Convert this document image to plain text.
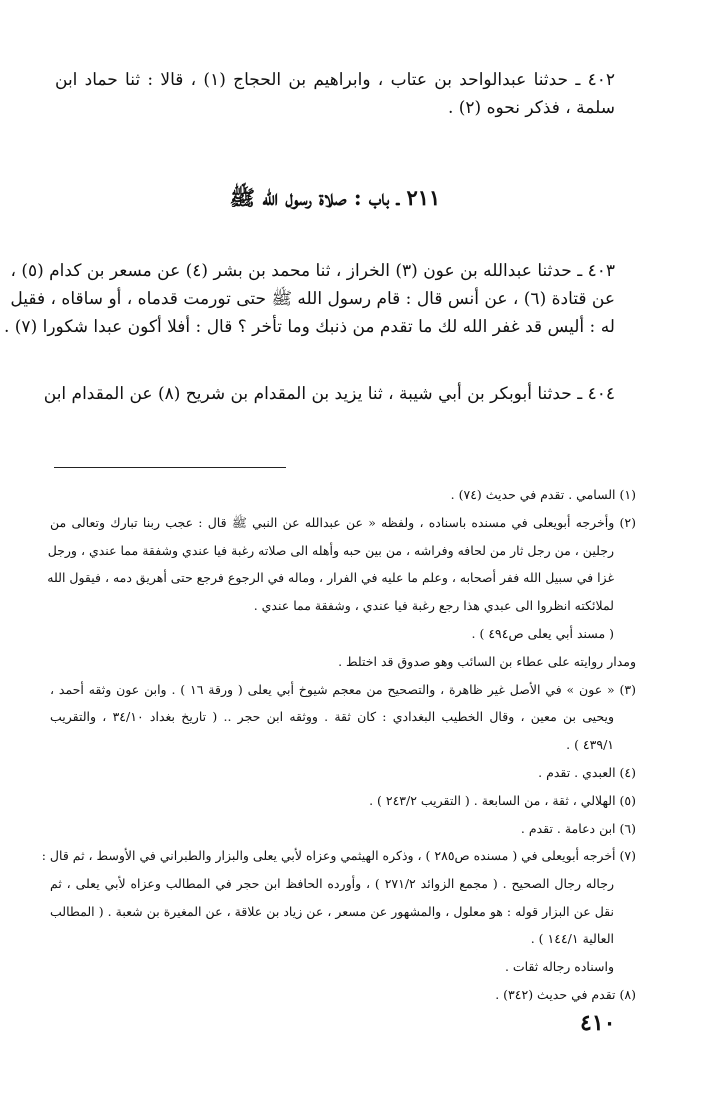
٤٠٢ ـ حدثنا عبدالواحد بن عتاب ، وابراهيم بن الحجاج (١) ، قالا : ثنا حماد ابن
سلمة ، فذكر نحوه (٢) .
٢١١ ـ باب : صلاة رسول الله ﷺ
٤٠٣ ـ حدثنا عبدالله بن عون (٣) الخراز ، ثنا محمد بن بشر (٤) عن مسعر بن كدام (٥) ،
عن قتادة (٦) ، عن أنس قال : قام رسول الله ﷺ حتى تورمت قدماه ، أو ساقاه ، فقيل
له : أليس قد غفر الله لك ما تقدم من ذنبك وما تأخر ؟ قال : أفلا أكون عبدا شكورا (٧) .
٤٠٤ ـ حدثنا أبوبكر بن أبي شيبة ، ثنا يزيد بن المقدام بن شريح (٨) عن المقدام ابن
(١) السامي . تقدم في حديث (٧٤) .
(٢) وأخرجه أبويعلى في مسنده باسناده ، ولفظه « عن عبدالله عن النبي ﷺ قال : عجب ربنا تبارك وتعالى من
رجلين ، من رجل ثار من لحافه وفراشه ، من بين حبه وأهله الى صلاته رغبة فيا عندي وشفقة مما عندي ، ورجل
غزا في سبيل الله ففر أصحابه ، وعلم ما عليه في الفرار ، وماله في الرجوع فرجع حتى أهريق دمه ، فيقول الله
لملائكته انظروا الى عبدي هذا رجع رغبة فيا عندي ، وشفقة مما عندي .
( مسند أبي يعلى ص٤٩٤ ) .
ومدار روايته على عطاء بن السائب وهو صدوق قد اختلط .
(٣) « عون » في الأصل غير ظاهرة ، والتصحيح من معجم شيوخ أبي يعلى ( ورقة ١٦ ) . وابن عون وثقه أحمد ،
ويحيى بن معين ، وقال الخطيب البغدادي : كان ثقة . ووثقه ابن حجر .. ( تاريخ بغداد ٣٤/١٠ ، والتقريب
٤٣٩/١ ) .
(٤) العبدي . تقدم .
(٥) الهلالي ، ثقة ، من السابعة . ( التقريب ٢٤٣/٢ ) .
(٦) ابن دعامة . تقدم .
(٧) أخرجه أبويعلى في ( مسنده ص٢٨٥ ) ، وذكره الهيثمي وعزاه لأبي يعلى والبزار والطبراني في الأوسط ، ثم قال :
رجاله رجال الصحيح . ( مجمع الزوائد ٢٧١/٢ ) ، وأورده الحافظ ابن حجر في المطالب وعزاه لأبي يعلى ، ثم
نقل عن البزار قوله : هو معلول ، والمشهور عن مسعر ، عن زياد بن علاقة ، عن المغيرة بن شعبة . ( المطالب
العالية ١٤٤/١ ) .
واسناده رجاله ثقات .
(٨) تقدم في حديث (٣٤٢) .
٤١٠
